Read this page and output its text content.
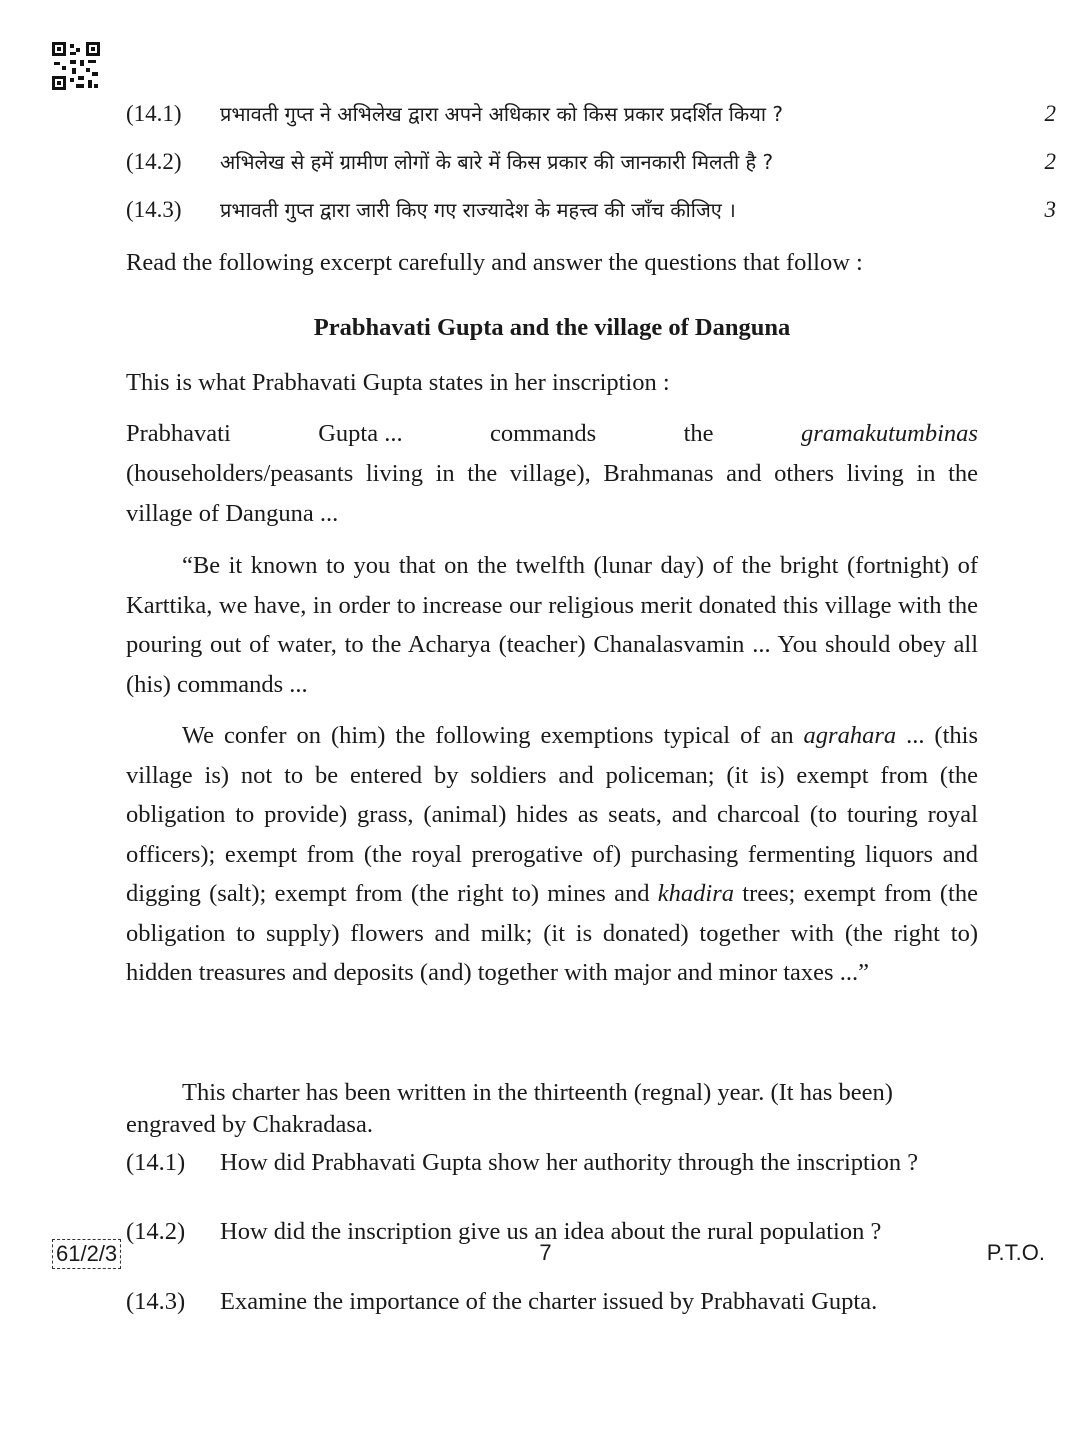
(14.1) प्रभावती गुप्त ने अभिलेख द्वारा अपने अधिकार को किस प्रकार प्रदर्शित किया ?	2
(14.2) अभिलेख से हमें ग्रामीण लोगों के बारे में किस प्रकार की जानकारी मिलती है ?	2
(14.3) प्रभावती गुप्त द्वारा जारी किए गए राज्यादेश के महत्त्व की जाँच कीजिए ।	3

Read the following excerpt carefully and answer the questions that follow :

Prabhavati Gupta and the village of Danguna

This is what Prabhavati Gupta states in her inscription :

Prabhavati	Gupta ...	commands	the	gramakutumbinas

(householders/peasants living in the village), Brahmanas and others living in the village of Danguna ...

“Be it known to you that on the twelfth (lunar day) of the bright (fortnight) of Karttika, we have, in order to increase our religious merit donated this village with the pouring out of water, to the Acharya (teacher) Chanalasvamin ... You should obey all (his) commands ...

We confer on (him) the following exemptions typical of an agrahara ... (this village is) not to be entered by soldiers and policeman; (it is) exempt from (the obligation to provide) grass, (animal) hides as seats, and charcoal (to touring royal officers); exempt from (the royal prerogative of) purchasing fermenting liquors and digging (salt); exempt from (the right to) mines and khadira trees; exempt from (the obligation to supply) flowers and milk; (it is donated) together with (the right to) hidden treasures and deposits (and) together with major and minor taxes ...”

This charter has been written in the thirteenth (regnal) year. (It has been) engraved by Chakradasa.

(14.1) How did Prabhavati Gupta show her authority through the inscription ?
(14.2) How did the inscription give us an idea about the rural population ?
(14.3) Examine the importance of the charter issued by Prabhavati Gupta.
61/2/3	7	P.T.O.
